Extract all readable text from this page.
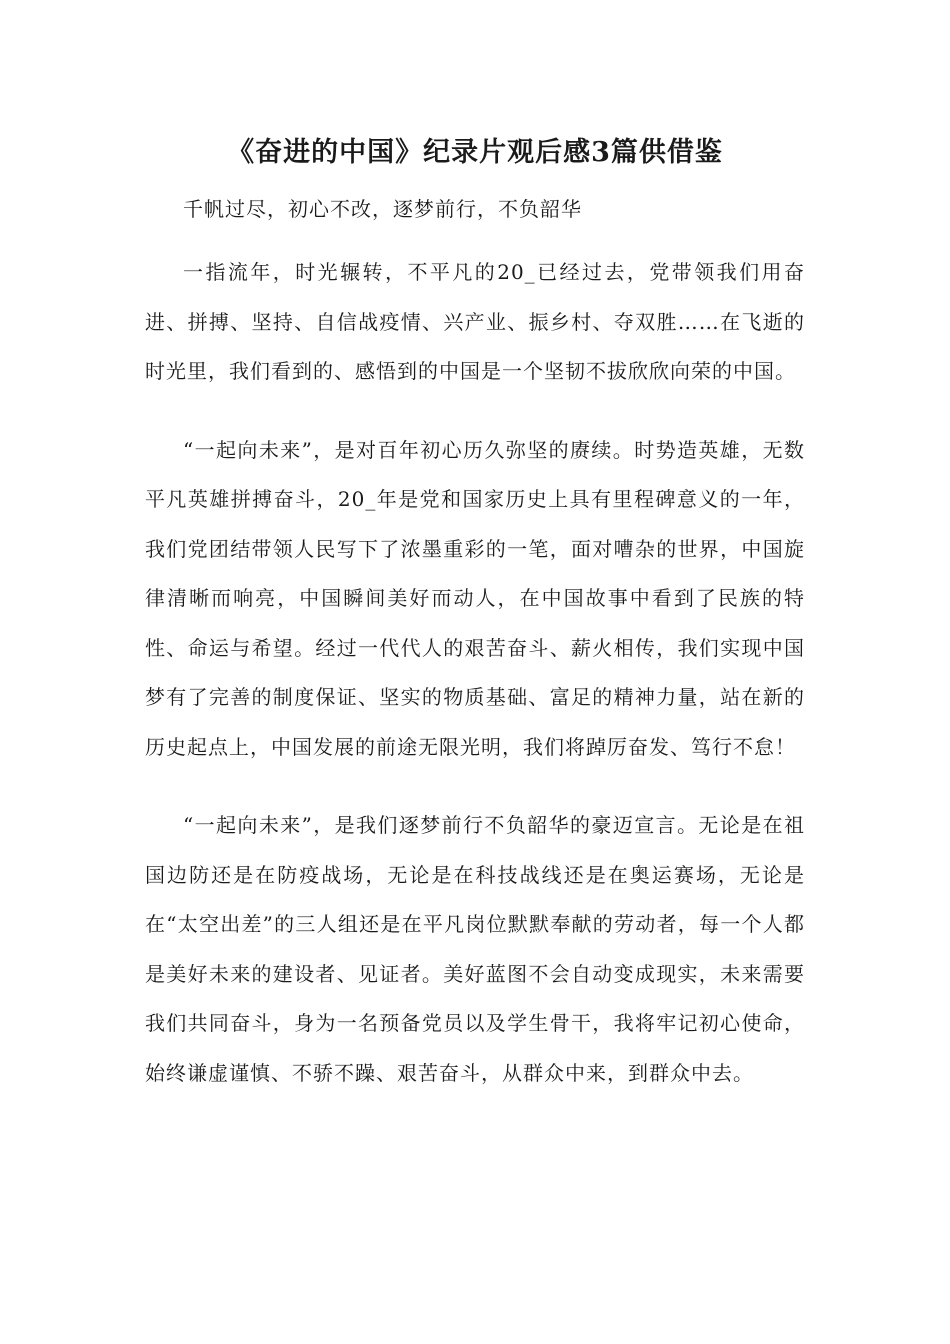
《奋进的中国》纪录片观后感3篇供借鉴

千帆过尽，初心不改，逐梦前行，不负韶华

一指流年，时光辗转，不平凡的20_已经过去，党带领我们用奋进、拼搏、坚持、自信战疫情、兴产业、振乡村、夺双胜……在飞逝的时光里，我们看到的、感悟到的中国是一个坚韧不拔欣欣向荣的中国。

“一起向未来”，是对百年初心历久弥坚的赓续。时势造英雄，无数平凡英雄拼搏奋斗，20_年是党和国家历史上具有里程碑意义的一年，我们党团结带领人民写下了浓墨重彩的一笔，面对嘈杂的世界，中国旋律清晰而响亮，中国瞬间美好而动人，在中国故事中看到了民族的特性、命运与希望。经过一代代人的艰苦奋斗、薪火相传，我们实现中国梦有了完善的制度保证、坚实的物质基础、富足的精神力量，站在新的历史起点上，中国发展的前途无限光明，我们将踔厉奋发、笃行不怠！

“一起向未来”，是我们逐梦前行不负韶华的豪迈宣言。无论是在祖国边防还是在防疫战场，无论是在科技战线还是在奥运赛场，无论是在“太空出差”的三人组还是在平凡岗位默默奉献的劳动者，每一个人都是美好未来的建设者、见证者。美好蓝图不会自动变成现实，未来需要我们共同奋斗，身为一名预备党员以及学生骨干，我将牢记初心使命，始终谦虚谨慎、不骄不躁、艰苦奋斗，从群众中来，到群众中去。
